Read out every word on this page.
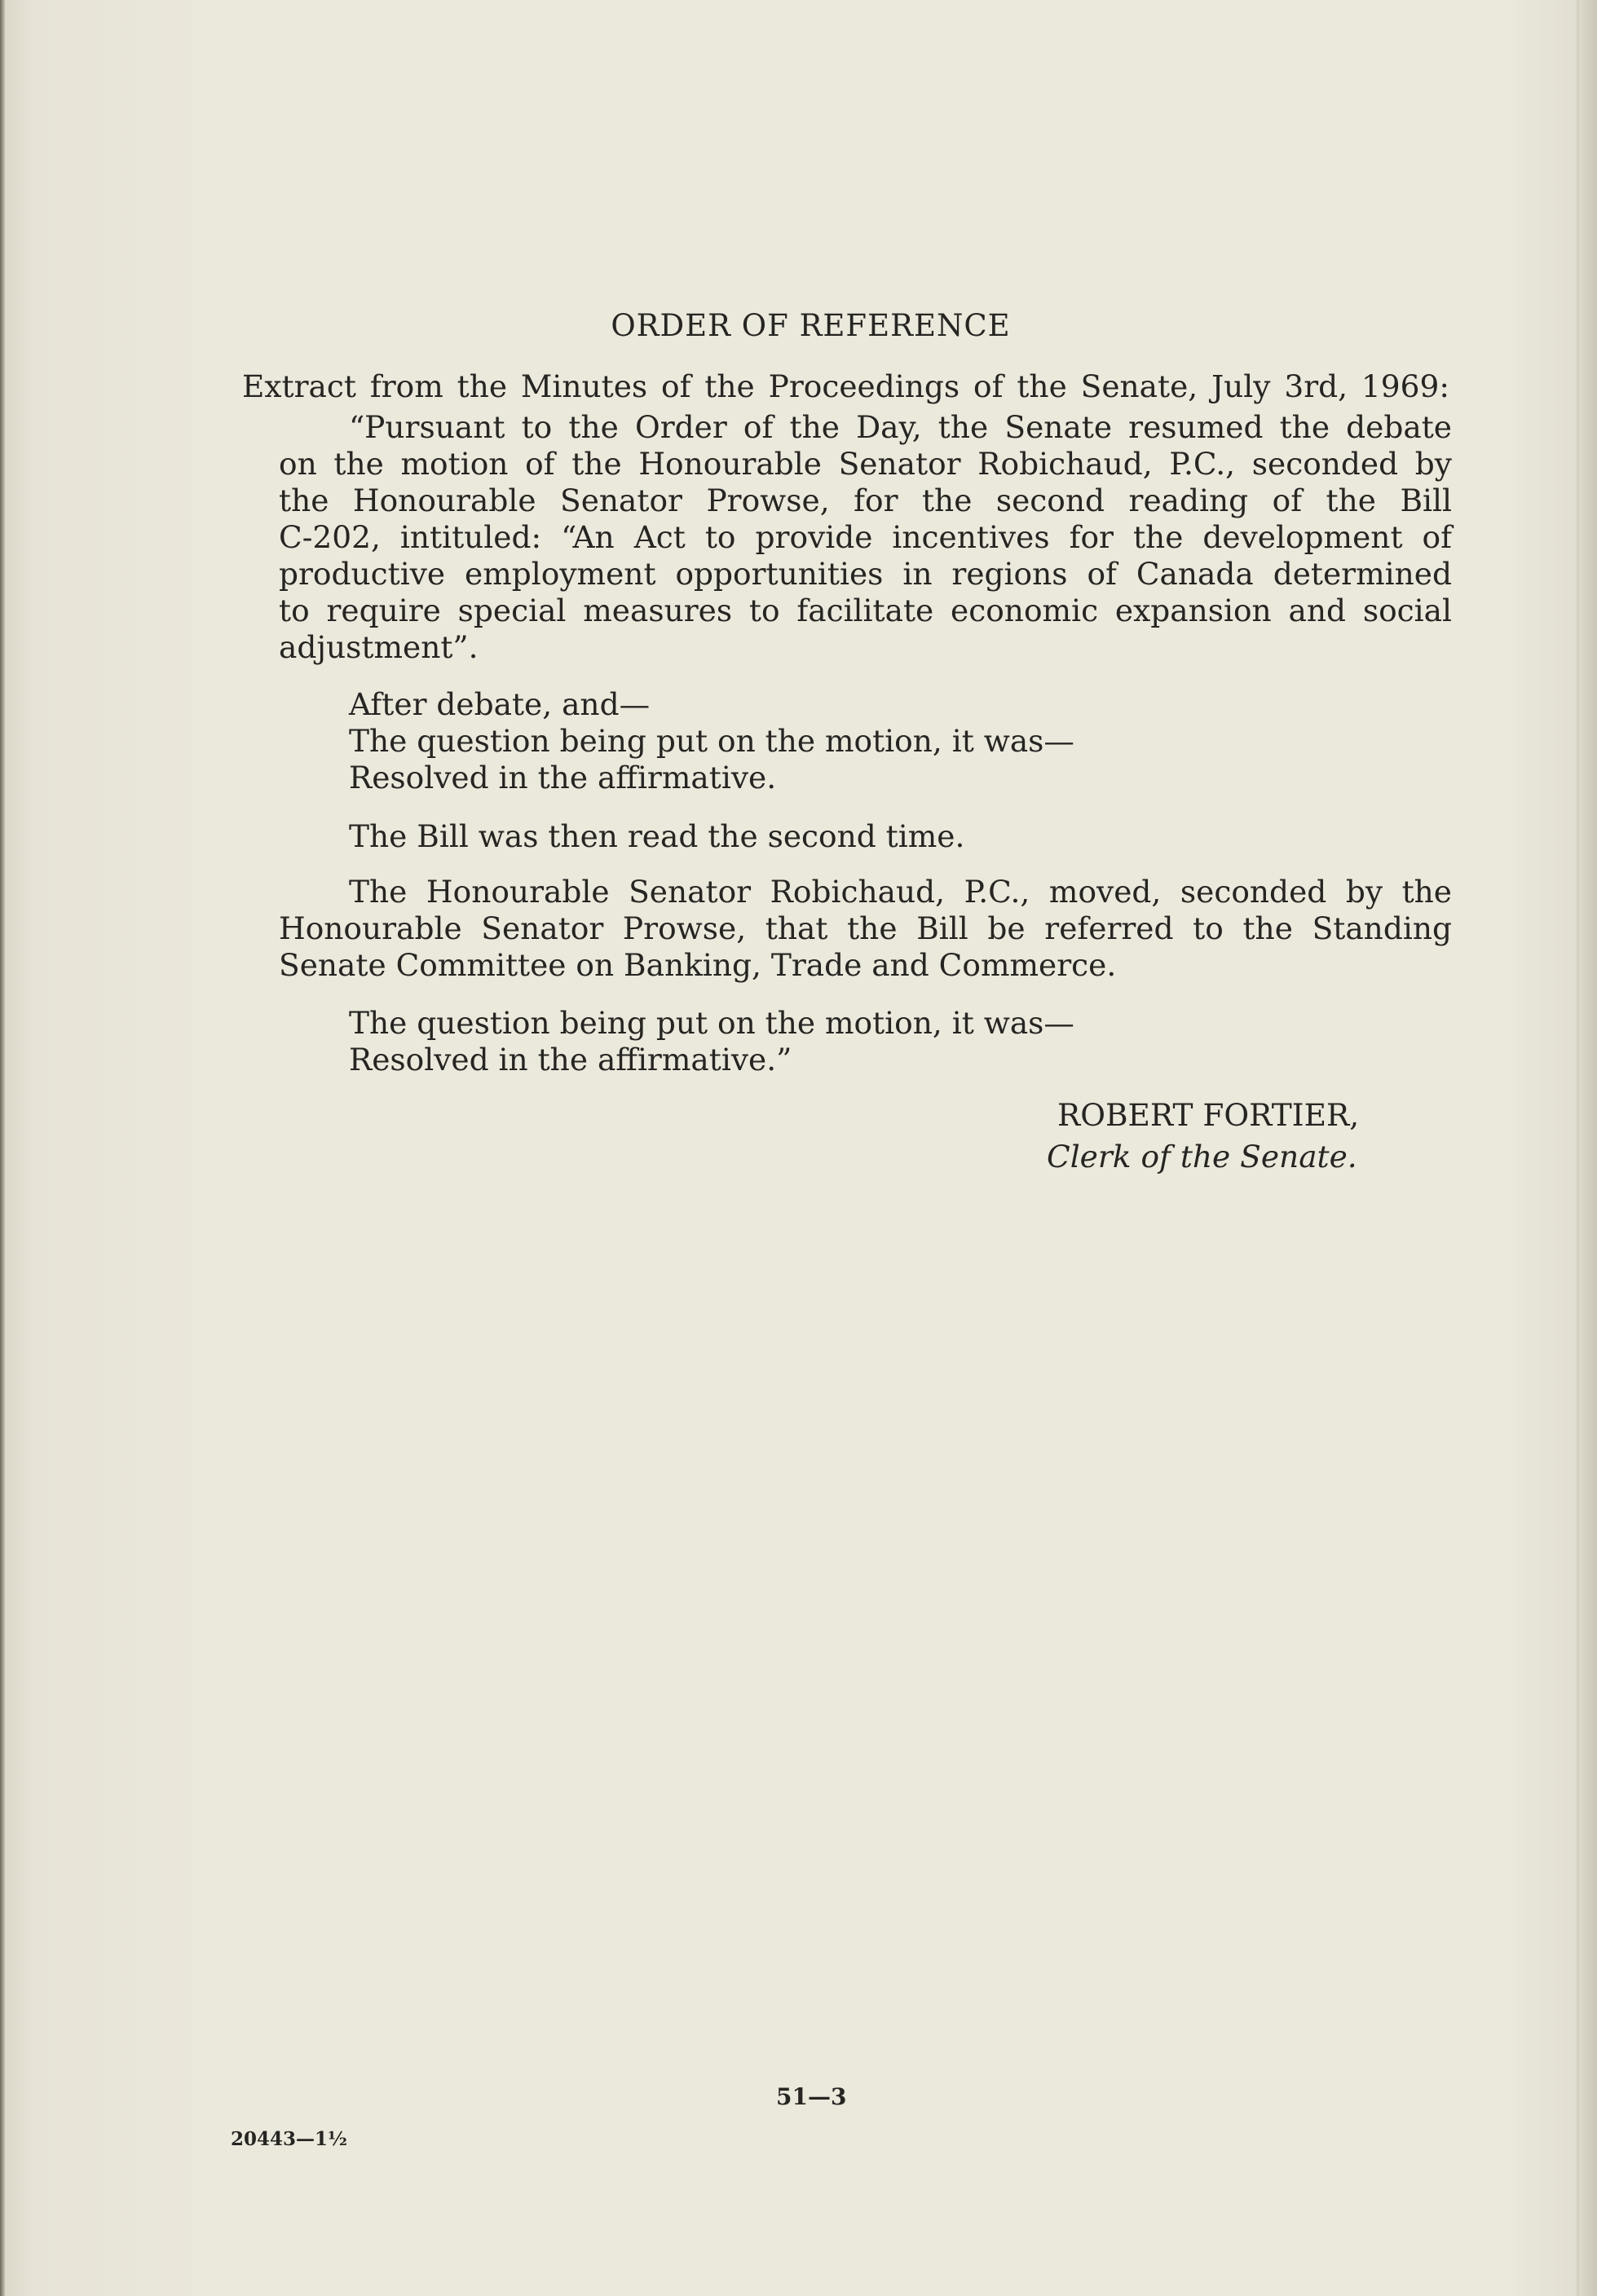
ORDER OF REFERENCE
Extract from the Minutes of the Proceedings of the Senate, July 3rd, 1969:
“Pursuant to the Order of the Day, the Senate resumed the debate
on the motion of the Honourable Senator Robichaud, P.C., seconded by
the Honourable Senator Prowse, for the second reading of the Bill
C-202, intituled: “An Act to provide incentives for the development of
productive employment opportunities in regions of Canada determined
to require special measures to facilitate economic expansion and social
adjustment”.
After debate, and—
The question being put on the motion, it was—
Resolved in the affirmative.
The Bill was then read the second time.
The Honourable Senator Robichaud, P.C., moved, seconded by the
Honourable Senator Prowse, that the Bill be referred to the Standing
Senate Committee on Banking, Trade and Commerce.
The question being put on the motion, it was—
Resolved in the affirmative.”
ROBERT FORTIER,
Clerk of the Senate.
51—3
20443—1½
